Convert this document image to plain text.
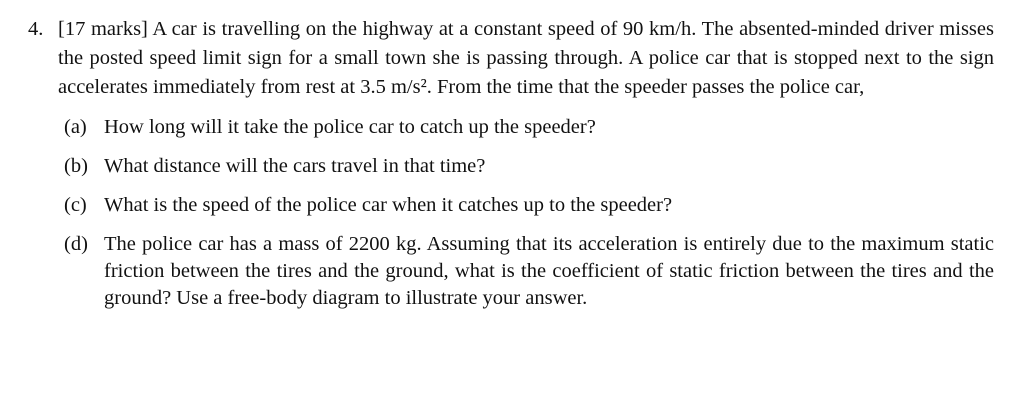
4. [17 marks] A car is travelling on the highway at a constant speed of 90 km/h. The absented-minded driver misses the posted speed limit sign for a small town she is passing through. A police car that is stopped next to the sign accelerates immediately from rest at 3.5 m/s². From the time that the speeder passes the police car,
(a) How long will it take the police car to catch up the speeder?
(b) What distance will the cars travel in that time?
(c) What is the speed of the police car when it catches up to the speeder?
(d) The police car has a mass of 2200 kg. Assuming that its acceleration is entirely due to the maximum static friction between the tires and the ground, what is the coefficient of static friction between the tires and the ground? Use a free-body diagram to illustrate your answer.
